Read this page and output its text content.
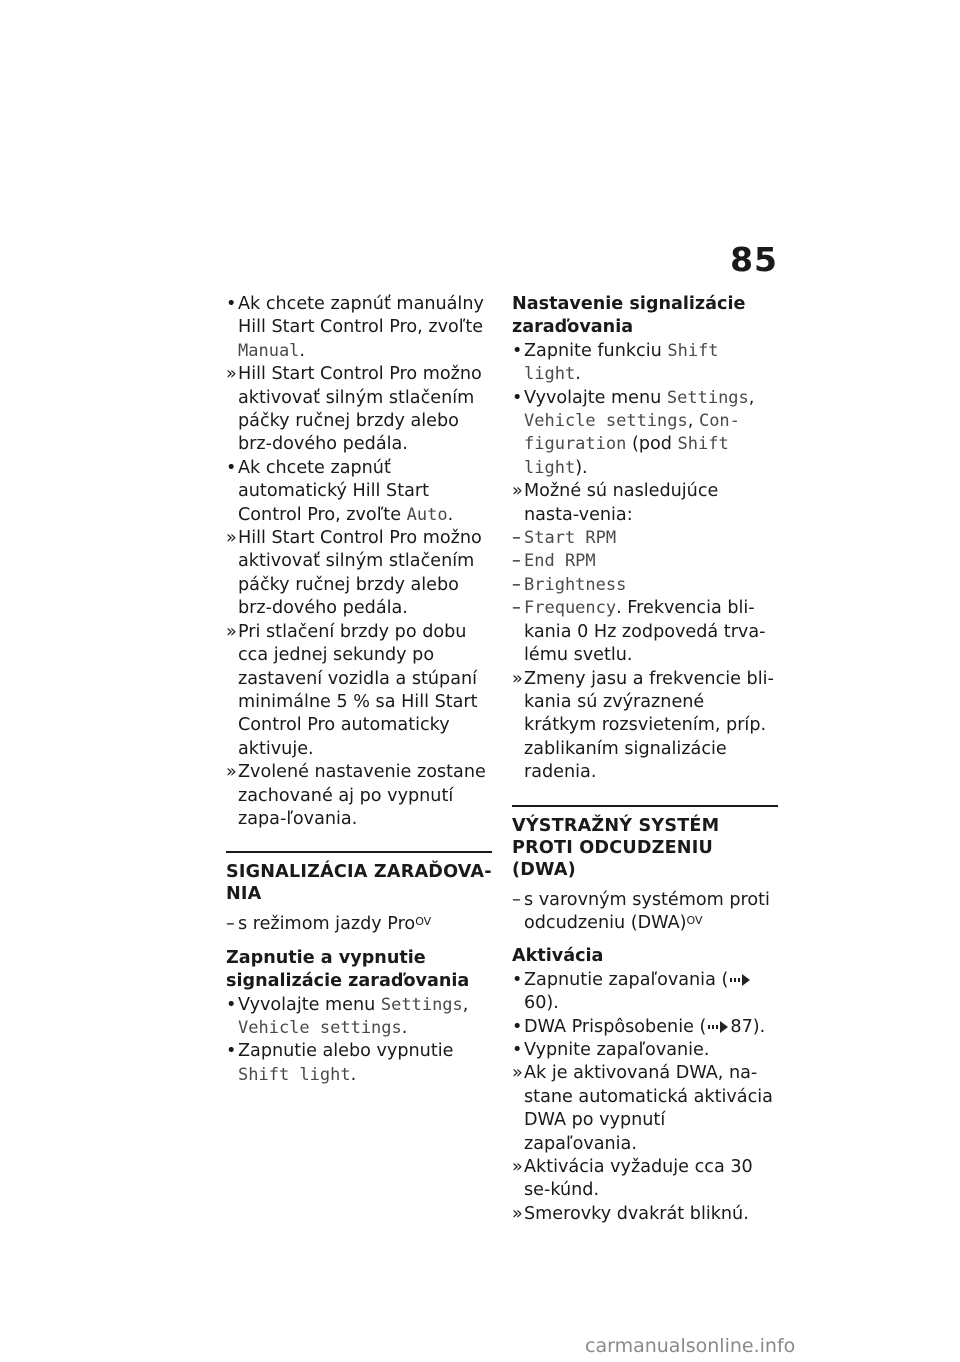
85
• Ak chcete zapnúť manuálny Hill Start Control Pro, zvoľte Manual.
» Hill Start Control Pro možno aktivovať silným stlačením páčky ručnej brzdy alebo brz-dového pedála.
• Ak chcete zapnúť automatický Hill Start Control Pro, zvoľte Auto.
» Hill Start Control Pro možno aktivovať silným stlačením páčky ručnej brzdy alebo brz-dového pedála.
» Pri stlačení brzdy po dobu cca jednej sekundy po zastavení vozidla a stúpaní minimálne 5 % sa Hill Start Control Pro automaticky aktivuje.
» Zvolené nastavenie zostane zachované aj po vypnutí zapa-ľovania.
SIGNALIZÁCIA ZARAĎOVA-NIA
– s režimom jazdy Pro$^{OV}$
Zapnutie a vypnutie signalizácie zaraďovania
• Vyvolajte menu Settings, Vehicle settings.
• Zapnutie alebo vypnutie Shift light.
Nastavenie signalizácie zaraďovania
• Zapnite funkciu Shift light.
• Vyvolajte menu Settings, Vehicle settings, Con-figuration (pod Shift light).
» Možné sú nasledujúce nasta-venia:
– Start RPM
– End RPM
– Brightness
– Frequency. Frekvencia bli-kania 0 Hz zodpovedá trva-lému svetlu.
» Zmeny jasu a frekvencie bli-kania sú zvýraznené krátkym rozsvietením, príp. zablikaním signalizácie radenia.
VÝSTRAŽNÝ SYSTÉM PROTI ODCUDZENIU (DWA)
– s varovným systémom proti odcudzeniu (DWA)$^{OV}$
Aktivácia
• Zapnutie zapaľovania (60).
• DWA Prispôsobenie ( 87).
• Vypnite zapaľovanie.
» Ak je aktivovaná DWA, na-stane automatická aktivácia DWA po vypnutí zapaľovania.
» Aktivácia vyžaduje cca 30 se-kúnd.
» Smerovky dvakrát bliknú.
carmanualsonline.info
